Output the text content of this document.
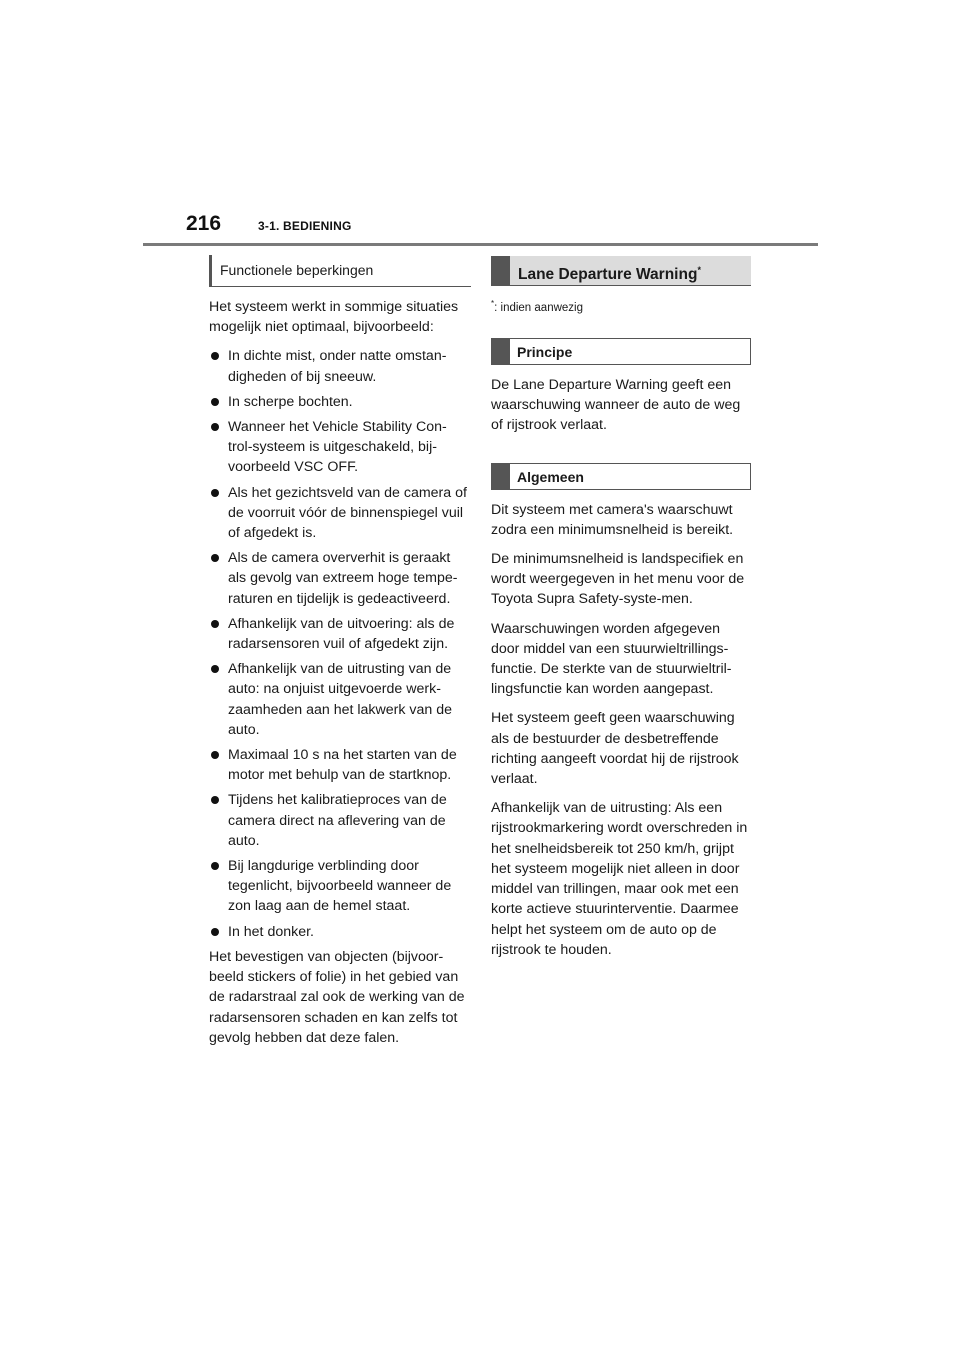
216	3-1. BEDIENING
Functionele beperkingen

Het systeem werkt in sommige situaties mogelijk niet optimaal, bijvoorbeeld:

In dichte mist, onder natte omstan-digheden of bij sneeuw.
In scherpe bochten.
Wanneer het Vehicle Stability Con-trol-systeem is uitgeschakeld, bij-voorbeeld VSC OFF.
Als het gezichtsveld van de camera of de voorruit vóór de binnenspiegel vuil of afgedekt is.
Als de camera oververhit is geraakt als gevolg van extreem hoge tempe-raturen en tijdelijk is gedeactiveerd.
Afhankelijk van de uitvoering: als de radarsensoren vuil of afgedekt zijn.
Afhankelijk van de uitrusting van de auto: na onjuist uitgevoerde werk-zaamheden aan het lakwerk van de auto.
Maximaal 10 s na het starten van de motor met behulp van de startknop.
Tijdens het kalibratieproces van de camera direct na aflevering van de auto.
Bij langdurige verblinding door tegenlicht, bijvoorbeeld wanneer de zon laag aan de hemel staat.
In het donker.

Het bevestigen van objecten (bijvoor-beeld stickers of folie) in het gebied van de radarstraal zal ook de werking van de radarsensoren schaden en kan zelfs tot gevolg hebben dat deze falen.

Lane Departure Warning*
*: indien aanwezig
Principe

De Lane Departure Warning geeft een waarschuwing wanneer de auto de weg of rijstrook verlaat.

Algemeen

Dit systeem met camera's waarschuwt zodra een minimumsnelheid is bereikt.

De minimumsnelheid is landspecifiek en wordt weergegeven in het menu voor de Toyota Supra Safety-syste-men.

Waarschuwingen worden afgegeven door middel van een stuurwieltrillings-functie. De sterkte van de stuurwieltril-lingsfunctie kan worden aangepast.

Het systeem geeft geen waarschuwing als de bestuurder de desbetreffende richting aangeeft voordat hij de rijstrook verlaat.

Afhankelijk van de uitrusting: Als een rijstrookmarkering wordt overschreden in het snelheidsbereik tot 250 km/h, grijpt het systeem mogelijk niet alleen in door middel van trillingen, maar ook met een korte actieve stuurinterventie. Daarmee helpt het systeem om de auto op de rijstrook te houden.
